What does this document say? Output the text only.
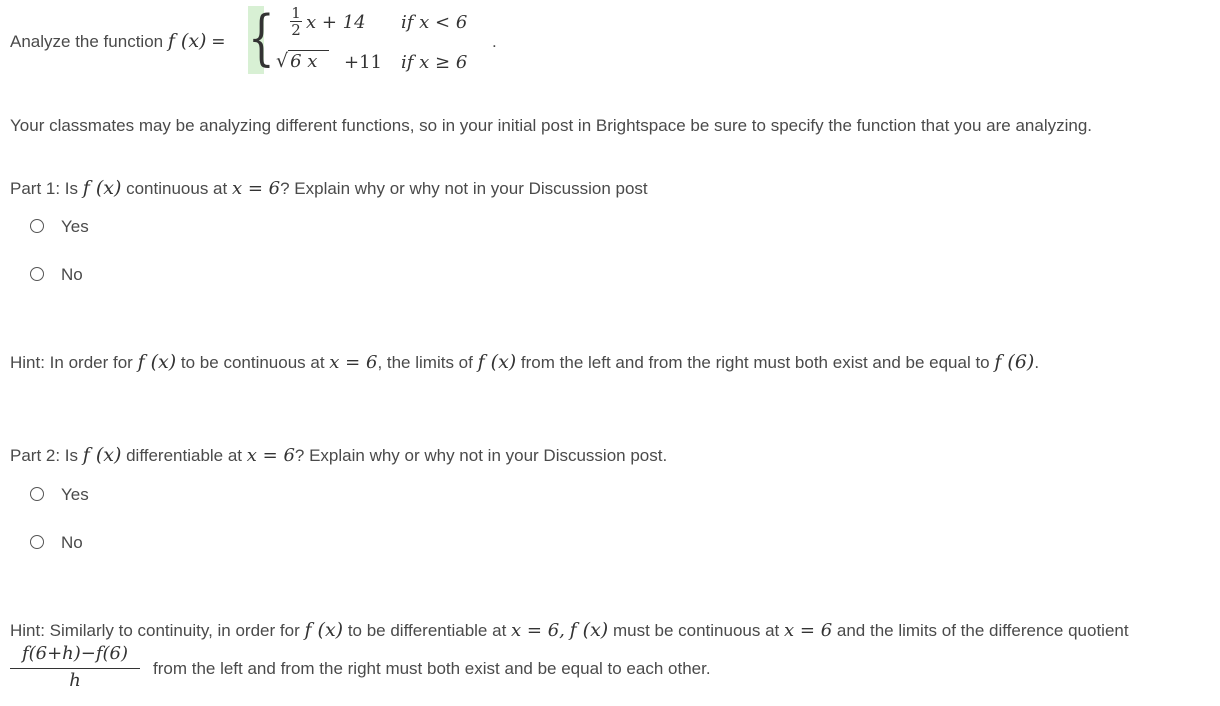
Analyze the function f (x) = { $\frac{1}{2}$ x + 14 if x < 6
√ 6 x	+11 if x ≥ 6
.
Your classmates may be analyzing different functions, so in your initial post in Brightspace be sure to specify the function that you are analyzing.
Part 1: Is f (x) continuous at x = 6? Explain why or why not in your Discussion post
Yes
No
Hint: In order for f (x) to be continuous at x = 6, the limits of f (x) from the left and from the right must both exist and be equal to f (6).
Part 2: Is f (x) differentiable at x = 6? Explain why or why not in your Discussion post.
Yes
No
Hint: Similarly to continuity, in order for f (x) to be differentiable at x = 6, f (x) must be continuous at x = 6 and the limits of the difference quotient
$\frac{f(6+h)-f(6)}{h}$ from the left and from the right must both exist and be equal to each other.
